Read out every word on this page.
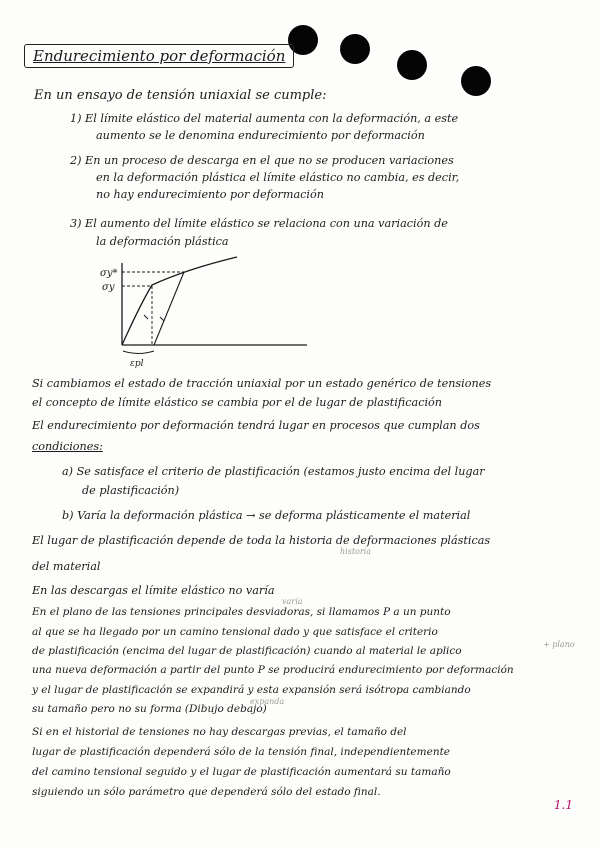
Endurecimiento por deformación
En un ensayo de tensión uniaxial se cumple:
1) El límite elástico del material aumenta con la deformación, a este
aumento se le denomina endurecimiento por deformación
2) En un proceso de descarga en el que no se producen variaciones
en la deformación plástica el límite elástico no cambia, es decir,
no hay endurecimiento por deformación
3) El aumento del límite elástico se relaciona con una variación de
la deformación plástica
σy*
σy
εpl
Si cambiamos el estado de tracción uniaxial por un estado genérico de tensiones
el concepto de límite elástico se cambia por el de lugar de plastificación
El endurecimiento por deformación tendrá lugar en procesos que cumplan dos
condiciones:
a) Se satisface el criterio de plastificación (estamos justo encima del lugar
de plastificación)
b) Varía la deformación plástica → se deforma plásticamente el material
El lugar de plastificación depende de toda la historia de deformaciones plásticas
historia
del material
En las descargas el límite elástico no varía
varía
En el plano de las tensiones principales desviadoras, si llamamos P a un punto
al que se ha llegado por un camino tensional dado y que satisface el criterio
de plastificación (encima del lugar de plastificación) cuando al material le aplico
+ plano
una nueva deformación a partir del punto P se producirá endurecimiento por deformación
y el lugar de plastificación se expandirá y esta expansión será isótropa cambiando
expanda
su tamaño pero no su forma (Dibujo debajo)
Si en el historial de tensiones no hay descargas previas, el tamaño del
lugar de plastificación dependerá sólo de la tensión final, independientemente
del camino tensional seguido y el lugar de plastificación aumentará su tamaño
siguiendo un sólo parámetro que dependerá sólo del estado final.
1.1
